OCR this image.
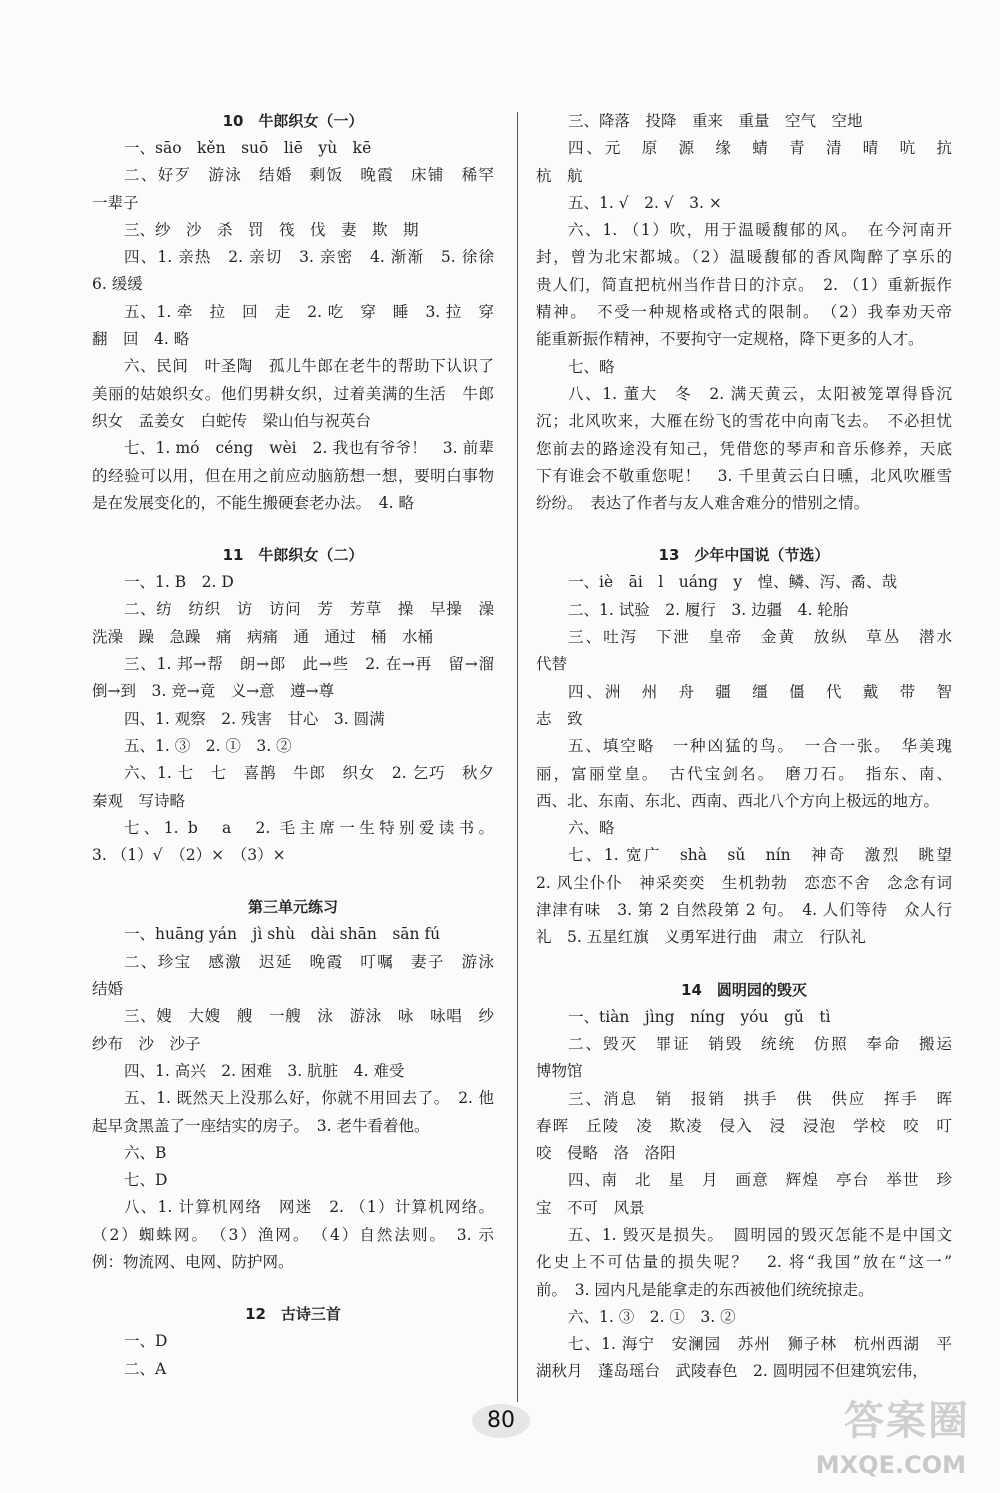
10　牛郎织女（一）
一、sāo　kěn　suō　liē　yù　kē
二、好歹　游泳　结婚　剩饭　晚霞　床铺　稀罕
一辈子
三、纱　沙　杀　罚　筏　伐　妻　欺　期
四、1. 亲热　2. 亲切　3. 亲密　4. 渐渐　5. 徐徐
6. 缓缓
五、1. 牵　拉　回　走　2. 吃　穿　睡　3. 拉　穿
翻　回　4. 略
六、民间　叶圣陶　孤儿牛郎在老牛的帮助下认识了
美丽的姑娘织女。他们男耕女织，过着美满的生活　牛郎
织女　孟姜女　白蛇传　梁山伯与祝英台
七、1. mó　céng　wèi　2. 我也有爷爷！　3. 前辈
的经验可以用，但在用之前应动脑筋想一想，要明白事物
是在发展变化的，不能生搬硬套老办法。　4. 略
11　牛郎织女（二）
一、1. B　2. D
二、纺　纺织　访　访问　芳　芳草　操　早操　澡
洗澡　躁　急躁　痛　病痛　通　通过　桶　水桶
三、1. 邦→帮　朗→郎　此→些　2. 在→再　留→溜
倒→到　3. 竞→竟　义→意　遵→尊
四、1. 观察　2. 残害　甘心　3. 圆满
五、1. ③　2. ①　3. ②
六、1. 七　七　喜鹊　牛郎　织女　2. 乞巧　秋夕
秦观　写诗略
七、1. b　a　2. 毛主席一生特别爱读书。
3. （1）√　（2）×　（3）×
第三单元练习
一、huāng yán　jì shù　dài shān　sān fú
二、珍宝　感激　迟延　晚霞　叮嘱　妻子　游泳
结婚
三、嫂　大嫂　艘　一艘　泳　游泳　咏　咏唱　纱
纱布　沙　沙子
四、1. 高兴　2. 困难　3. 肮脏　4. 难受
五、1. 既然天上没那么好，你就不用回去了。　2. 他
起早贪黑盖了一座结实的房子。　3. 老牛看着他。
六、B
七、D
八、1. 计算机网络　网迷　2. （1）计算机网络。
（2）蜘蛛网。　（3）渔网。　（4）自然法则。　3. 示
例：物流网、电网、防护网。
12　古诗三首
一、D
二、A
三、降落　投降　重来　重量　空气　空地
四、元　原　源　缘　蜻　青　清　晴　吭　抗
杭　航
五、1. √　2. √　3. ×
六、1. （1）吹，用于温暖馥郁的风。　在今河南开
封，曾为北宋都城。（2）温暖馥郁的香风陶醉了享乐的
贵人们，简直把杭州当作昔日的汴京。　2. （1）重新振作
精神。　不受一种规格或格式的限制。　（2）我奉劝天帝
能重新振作精神，不要拘守一定规格，降下更多的人才。
七、略
八、1. 董大　冬　2. 满天黄云，太阳被笼罩得昏沉
沉；北风吹来，大雁在纷飞的雪花中向南飞去。　不必担忧
您前去的路途没有知己，凭借您的琴声和音乐修养，天底
下有谁会不敬重您呢！　3. 千里黄云白日曛，北风吹雁雪
纷纷。　表达了作者与友人难舍难分的惜别之情。
13　少年中国说（节选）
一、iè　āi　l　uáng　y　惶、鳞、泻、矞、哉
二、1. 试验　2. 履行　3. 边疆　4. 轮胎
三、吐泻　下泄　皇帝　金黄　放纵　草丛　潜水
代替
四、洲　州　舟　疆　缰　僵　代　戴　带　智
志　致
五、填空略　一种凶猛的鸟。　一合一张。　华美瑰
丽，富丽堂皇。　古代宝剑名。　磨刀石。　指东、南、
西、北、东南、东北、西南、西北八个方向上极远的地方。
六、略
七、1. 宽广　shà　sǔ　nín　神奇　激烈　眺望
2. 风尘仆仆　神采奕奕　生机勃勃　恋恋不舍　念念有词
津津有味　3. 第 2 自然段第 2 句。　4. 人们等待　众人行
礼　5. 五星红旗　义勇军进行曲　肃立　行队礼
14　圆明园的毁灭
一、tiàn　jìng　níng　yóu　gǔ　tì
二、毁灭　罪证　销毁　统统　仿照　奉命　搬运
博物馆
三、消息　销　报销　拱手　供　供应　挥手　晖
春晖　丘陵　凌　欺凌　侵入　浸　浸泡　学校　咬　叮
咬　侵略　洛　洛阳
四、南　北　星　月　画意　辉煌　亭台　举世　珍
宝　不可　风景
五、1. 毁灭是损失。　圆明园的毁灭怎能不是中国文
化史上不可估量的损失呢？　2. 将“我国”放在“这一”
前。　3. 园内凡是能拿走的东西被他们统统掠走。
六、1. ③　2. ①　3. ②
七、1. 海宁　安澜园　苏州　狮子林　杭州西湖　平
湖秋月　蓬岛瑶台　武陵春色　2. 圆明园不但建筑宏伟，
80	答案圈
MXQE.COM
